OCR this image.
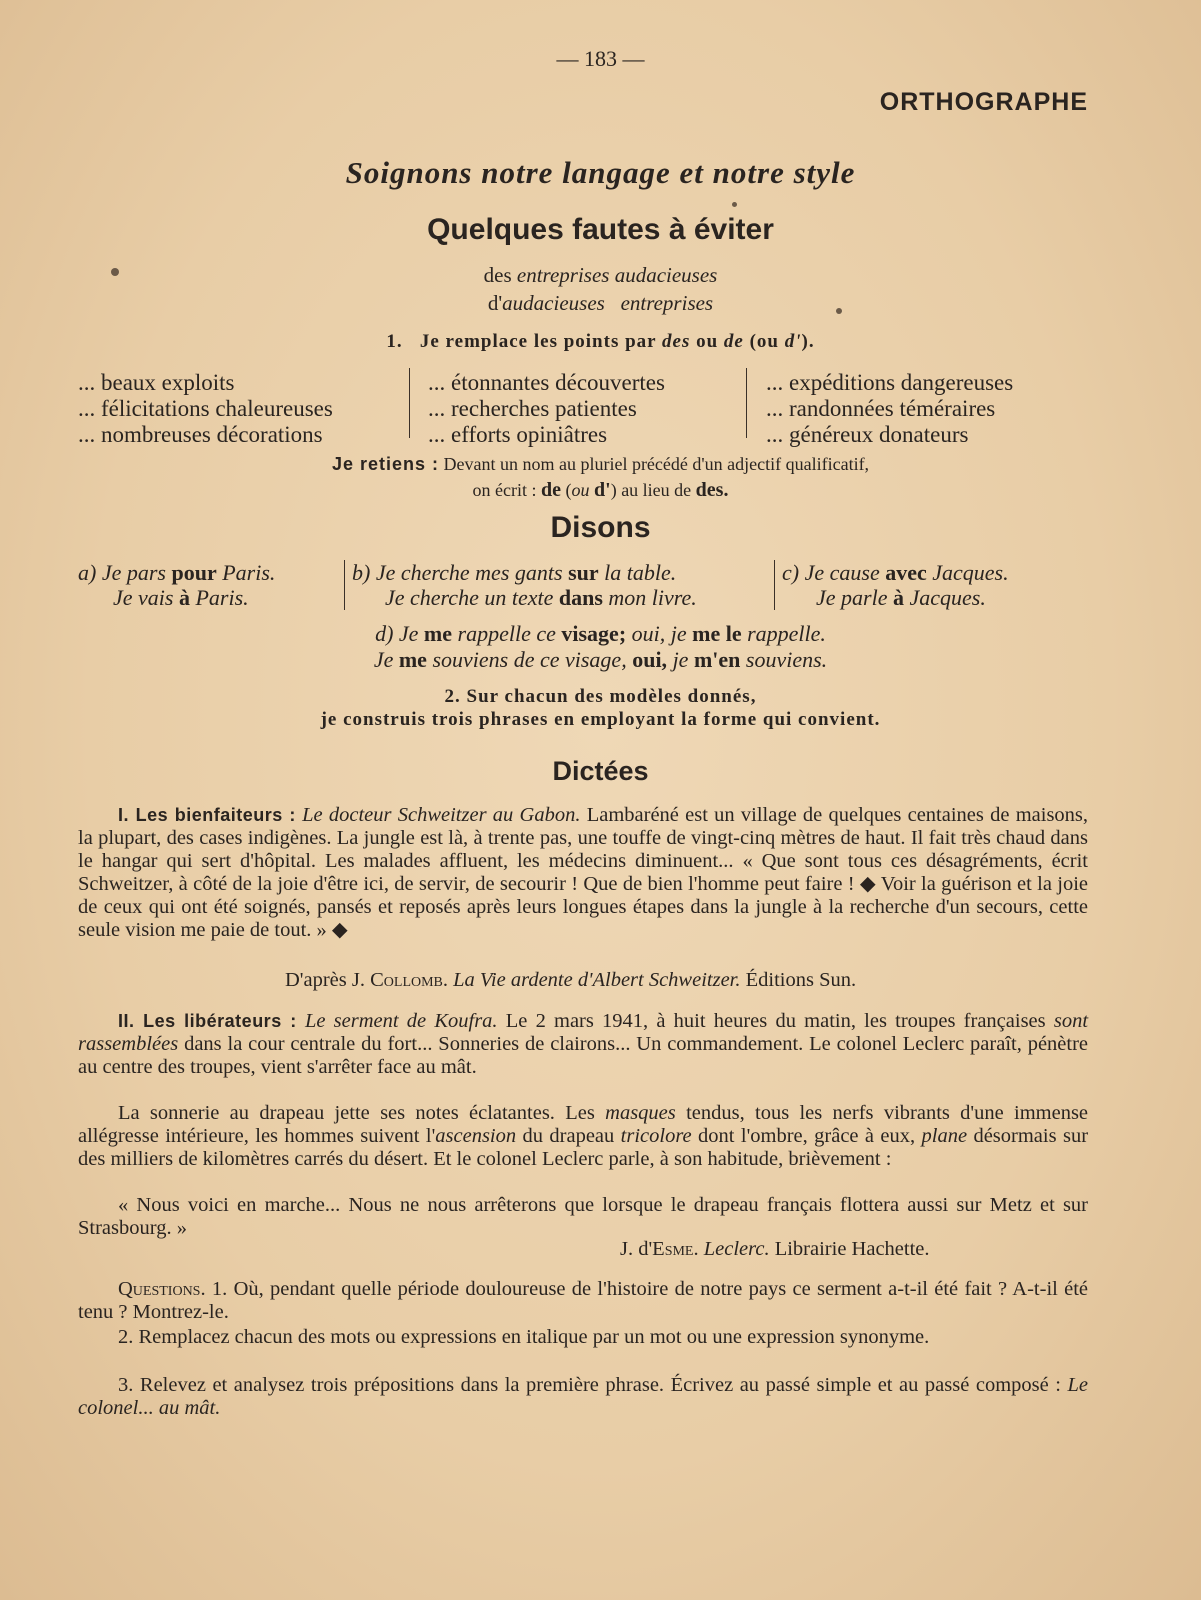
— 183 —
ORTHOGRAPHE
Soignons notre langage et notre style
Quelques fautes à éviter
des entreprises audacieuses
d'audacieuses   entreprises
1. Je remplace les points par des ou de (ou d').
... beaux exploits
... félicitations chaleureuses
... nombreuses décorations
... étonnantes découvertes
... recherches patientes
... efforts opiniâtres
... expéditions dangereuses
... randonnées téméraires
... généreux donateurs
Je retiens : Devant un nom au pluriel précédé d'un adjectif qualificatif,
on écrit : de (ou d') au lieu de des.
Disons
a) Je pars pour Paris.
Je vais à Paris.
b) Je cherche mes gants sur la table.
Je cherche un texte dans mon livre.
c) Je cause avec Jacques.
Je parle à Jacques.
d) Je me rappelle ce visage; oui, je me le rappelle.
Je me souviens de ce visage, oui, je m'en souviens.
2. Sur chacun des modèles donnés,
je construis trois phrases en employant la forme qui convient.
Dictées
I. Les bienfaiteurs : Le docteur Schweitzer au Gabon. Lambaréné est un village de quelques centaines de maisons, la plupart, des cases indigènes. La jungle est là, à trente pas, une touffe de vingt-cinq mètres de haut. Il fait très chaud dans le hangar qui sert d'hôpital. Les malades affluent, les médecins diminuent... « Que sont tous ces désagréments, écrit Schweitzer, à côté de la joie d'être ici, de servir, de secourir ! Que de bien l'homme peut faire ! ◆ Voir la guérison et la joie de ceux qui ont été soignés, pansés et reposés après leurs longues étapes dans la jungle à la recherche d'un secours, cette seule vision me paie de tout. » ◆
D'après J. Collomb. La Vie ardente d'Albert Schweitzer. Éditions Sun.
II. Les libérateurs : Le serment de Koufra. Le 2 mars 1941, à huit heures du matin, les troupes françaises sont rassemblées dans la cour centrale du fort... Sonneries de clairons... Un commandement. Le colonel Leclerc paraît, pénètre au centre des troupes, vient s'arrêter face au mât.
La sonnerie au drapeau jette ses notes éclatantes. Les masques tendus, tous les nerfs vibrants d'une immense allégresse intérieure, les hommes suivent l'ascension du drapeau tricolore dont l'ombre, grâce à eux, plane désormais sur des milliers de kilomètres carrés du désert. Et le colonel Leclerc parle, à son habitude, brièvement :
« Nous voici en marche... Nous ne nous arrêterons que lorsque le drapeau français flottera aussi sur Metz et sur Strasbourg. »
J. d'Esme. Leclerc. Librairie Hachette.
Questions. 1. Où, pendant quelle période douloureuse de l'histoire de notre pays ce serment a-t-il été fait ? A-t-il été tenu ? Montrez-le.
2. Remplacez chacun des mots ou expressions en italique par un mot ou une expression synonyme.
3. Relevez et analysez trois prépositions dans la première phrase. Écrivez au passé simple et au passé composé : Le colonel... au mât.
